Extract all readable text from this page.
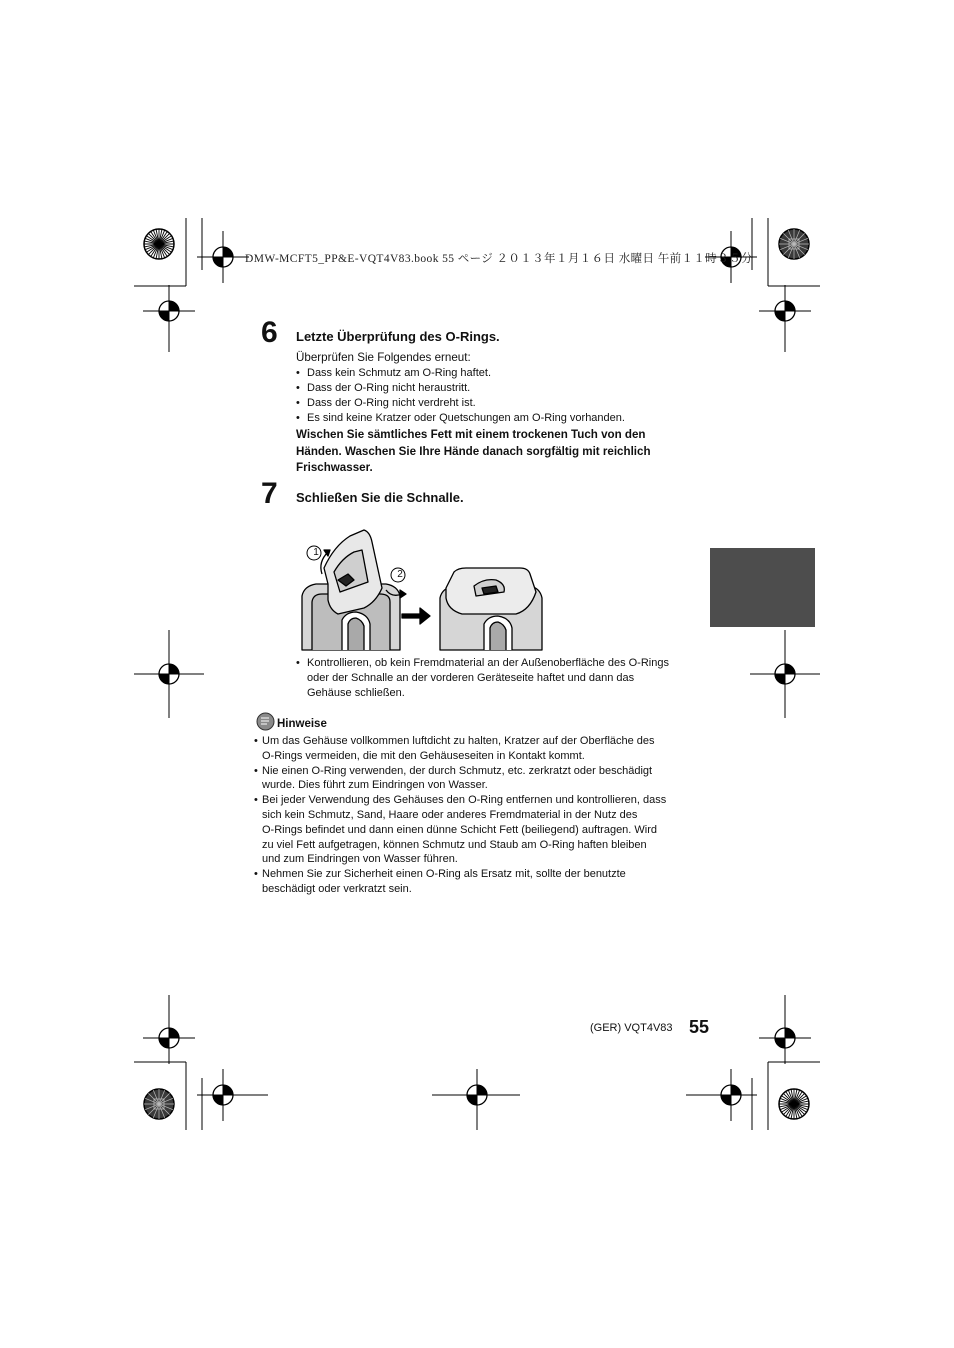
DMW-MCFT5_PP&E-VQT4V83.book 55 ページ ２０１３年１月１６日 水曜日 午前１１時３５分
6 Letzte Überprüfung des O-Rings.
Überprüfen Sie Folgendes erneut:
• Dass kein Schmutz am O-Ring haftet.
• Dass der O-Ring nicht heraustritt.
• Dass der O-Ring nicht verdreht ist.
• Es sind keine Kratzer oder Quetschungen am O-Ring vorhanden.
Wischen Sie sämtliches Fett mit einem trockenen Tuch von den
Händen. Waschen Sie Ihre Hände danach sorgfältig mit reichlich
Frischwasser.
7 Schließen Sie die Schnalle.
1
2
• Kontrollieren, ob kein Fremdmaterial an der Außenoberfläche des O-Rings
oder der Schnalle an der vorderen Geräteseite haftet und dann das
Gehäuse schließen.
Hinweise
• Um das Gehäuse vollkommen luftdicht zu halten, Kratzer auf der Oberfläche des
O-Rings vermeiden, die mit den Gehäuseseiten in Kontakt kommt.
• Nie einen O-Ring verwenden, der durch Schmutz, etc. zerkratzt oder beschädigt
wurde. Dies führt zum Eindringen von Wasser.
• Bei jeder Verwendung des Gehäuses den O-Ring entfernen und kontrollieren, dass
sich kein Schmutz, Sand, Haare oder anderes Fremdmaterial in der Nutz des
O-Rings befindet und dann einen dünne Schicht Fett (beiliegend) auftragen. Wird
zu viel Fett aufgetragen, können Schmutz und Staub am O-Ring haften bleiben
und zum Eindringen von Wasser führen.
• Nehmen Sie zur Sicherheit einen O-Ring als Ersatz mit, sollte der benutzte
beschädigt oder verkratzt sein.
(GER) VQT4V83 55
